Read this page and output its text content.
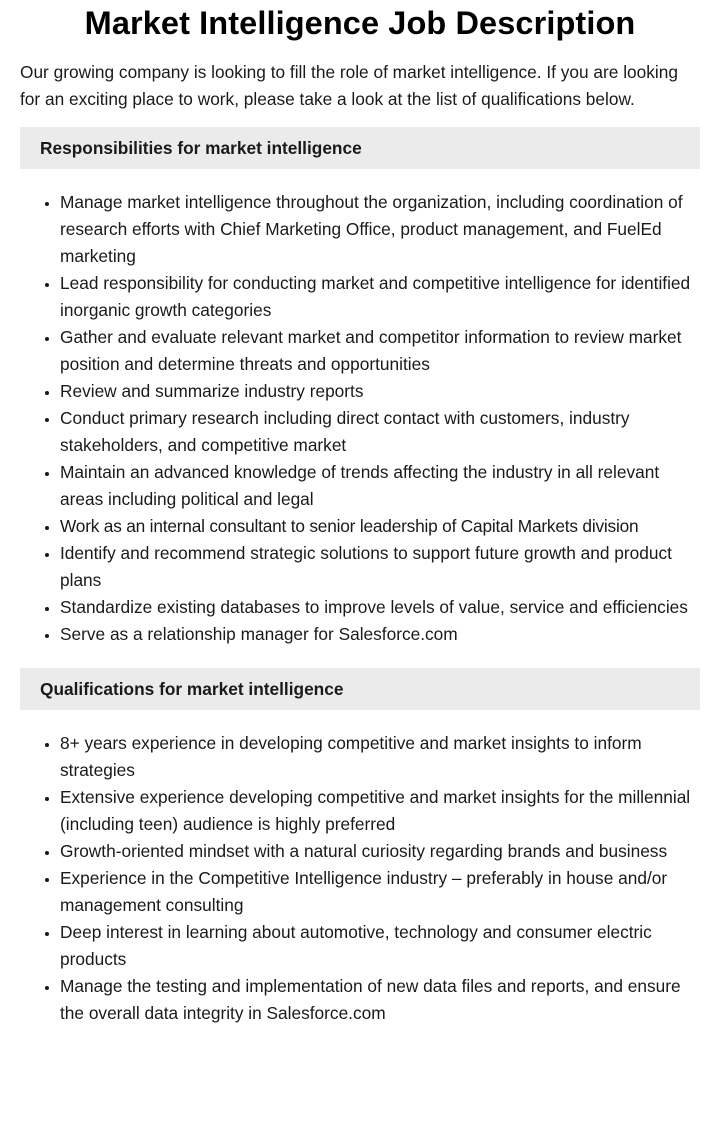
Market Intelligence Job Description

Our growing company is looking to fill the role of market intelligence. If you are looking for an exciting place to work, please take a look at the list of qualifications below.

Responsibilities for market intelligence
• Manage market intelligence throughout the organization, including coordination of research efforts with Chief Marketing Office, product management, and FuelEd marketing
• Lead responsibility for conducting market and competitive intelligence for identified inorganic growth categories
• Gather and evaluate relevant market and competitor information to review market position and determine threats and opportunities
• Review and summarize industry reports
• Conduct primary research including direct contact with customers, industry stakeholders, and competitive market
• Maintain an advanced knowledge of trends affecting the industry in all relevant areas including political and legal
• Work as an internal consultant to senior leadership of Capital Markets division
• Identify and recommend strategic solutions to support future growth and product plans
• Standardize existing databases to improve levels of value, service and efficiencies
• Serve as a relationship manager for Salesforce.com
Qualifications for market intelligence
• 8+ years experience in developing competitive and market insights to inform strategies
• Extensive experience developing competitive and market insights for the millennial (including teen) audience is highly preferred
• Growth-oriented mindset with a natural curiosity regarding brands and business
• Experience in the Competitive Intelligence industry – preferably in house and/or management consulting
• Deep interest in learning about automotive, technology and consumer electric products
• Manage the testing and implementation of new data files and reports, and ensure the overall data integrity in Salesforce.com
